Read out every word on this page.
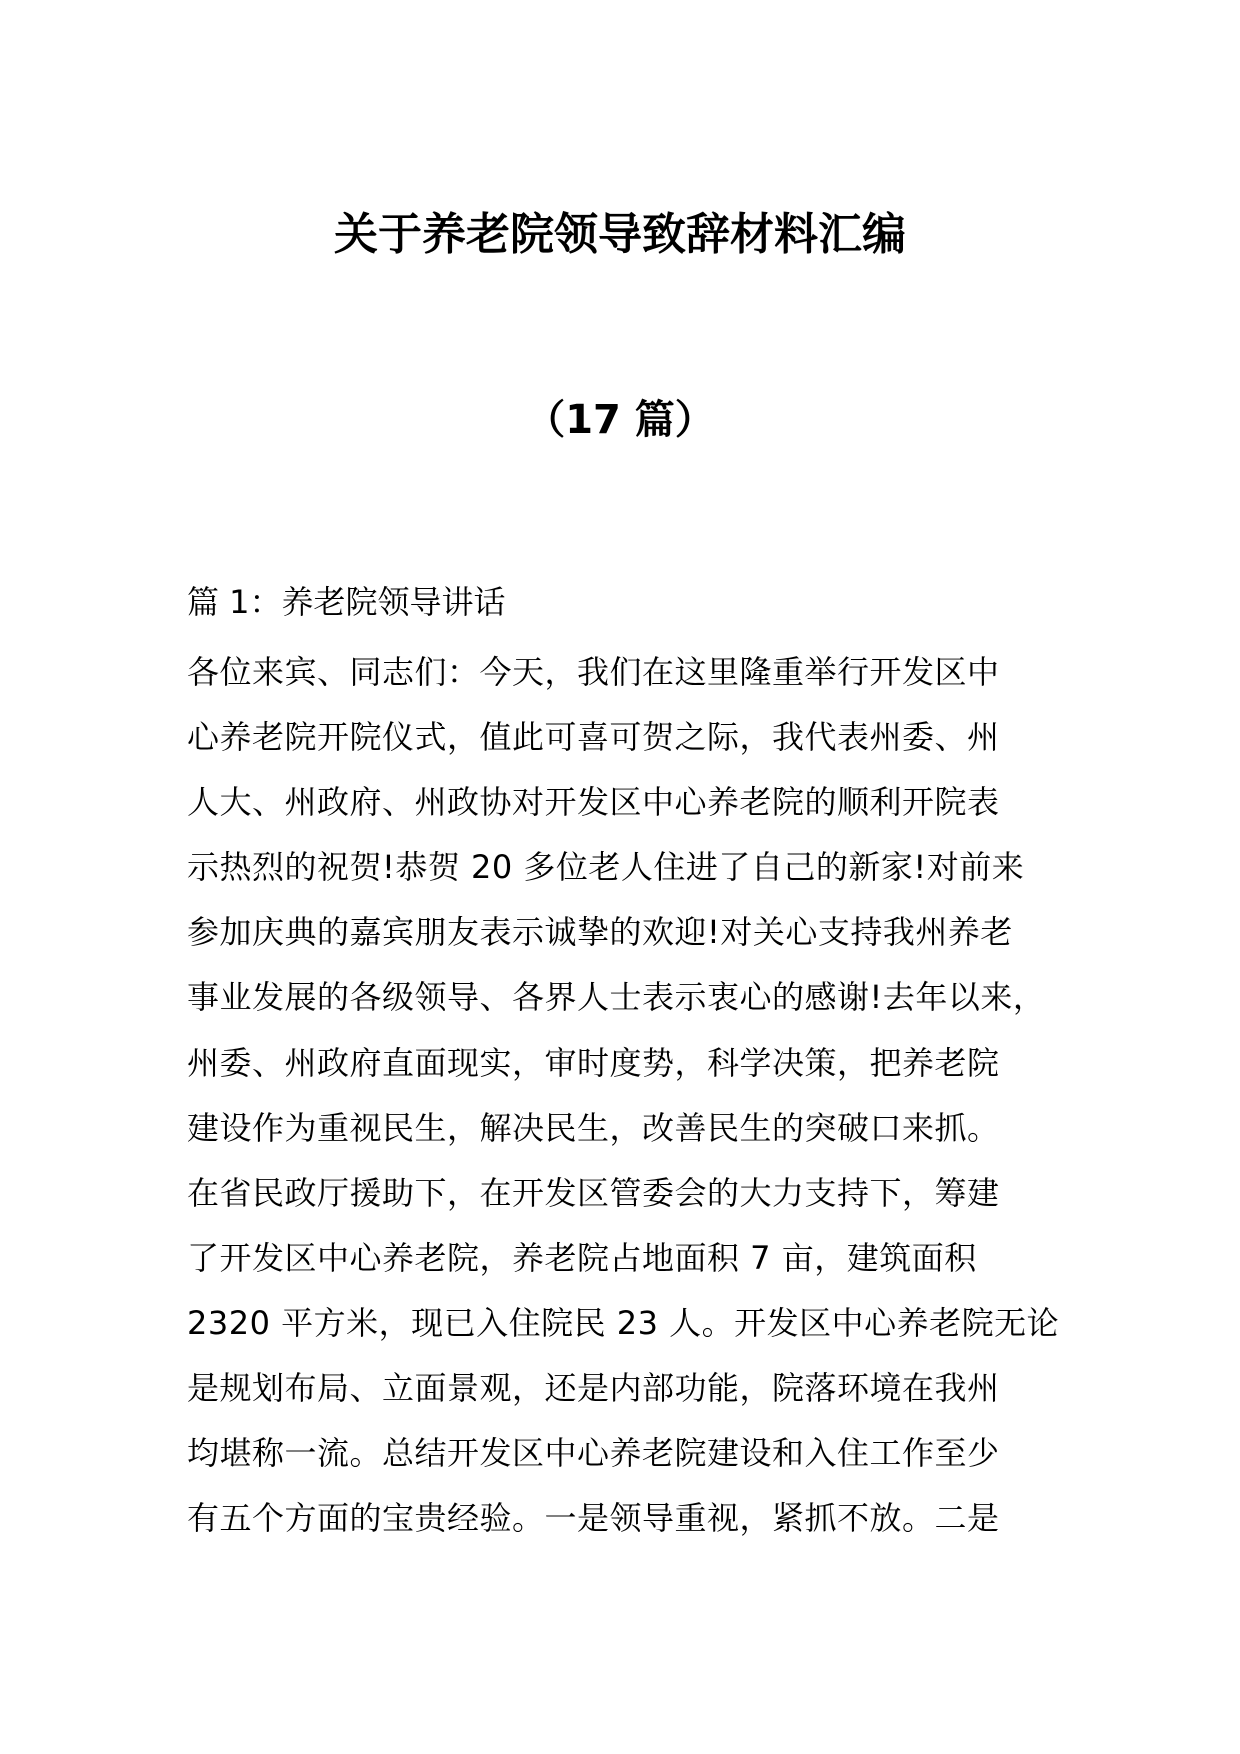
关于养老院领导致辞材料汇编
（17 篇）

篇 1：养老院领导讲话

各位来宾、同志们：今天，我们在这里隆重举行开发区中
心养老院开院仪式，值此可喜可贺之际，我代表州委、州
人大、州政府、州政协对开发区中心养老院的顺利开院表
示热烈的祝贺!恭贺 20 多位老人住进了自己的新家!对前来
参加庆典的嘉宾朋友表示诚挚的欢迎!对关心支持我州养老
事业发展的各级领导、各界人士表示衷心的感谢!去年以来，
州委、州政府直面现实，审时度势，科学决策，把养老院
建设作为重视民生，解决民生，改善民生的突破口来抓。
在省民政厅援助下，在开发区管委会的大力支持下，筹建
了开发区中心养老院，养老院占地面积 7 亩，建筑面积
2320 平方米，现已入住院民 23 人。开发区中心养老院无论
是规划布局、立面景观，还是内部功能，院落环境在我州
均堪称一流。总结开发区中心养老院建设和入住工作至少
有五个方面的宝贵经验。一是领导重视，紧抓不放。二是
